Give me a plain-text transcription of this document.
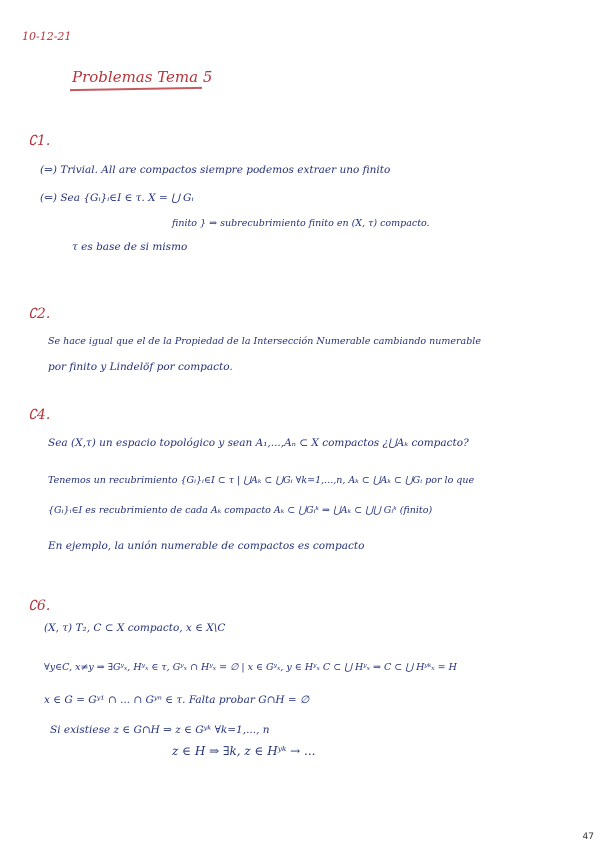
10-12-21
Problemas Tema 5
∁1.
(⇒) Trivial. All are compactos siempre podemos extraer uno finito
(⇐) Sea {Gᵢ}ᵢ∈I ∈ τ. X = ⋃ Gᵢ
finito } ⇒ subrecubrimiento finito en (X, τ) compacto.
τ es base de si mismo
∁2.
Se hace igual que el de la Propiedad de la Intersección Numerable cambiando numerable
por finito y Lindelöf por compacto.
∁4.
Sea (X,τ) un espacio topológico y sean A₁,...,Aₙ ⊂ X compactos ¿⋃Aₖ compacto?
Tenemos un recubrimiento {Gᵢ}ᵢ∈I ⊂ τ | ⋃Aₖ ⊂ ⋃Gᵢ ∀k=1,...,n, Aₖ ⊂ ⋃Aₖ ⊂ ⋃Gᵢ por lo que
{Gᵢ}ᵢ∈I es recubrimiento de cada Aₖ compacto Aₖ ⊂ ⋃Gᵢᵏ ⇒ ⋃Aₖ ⊂ ⋃⋃ Gᵢᵏ (finito)
En ejemplo, la unión numerable de compactos es compacto
∁6.
(X, τ) T₂, C ⊂ X compacto, x ∈ X\C
∀y∈C, x≠y ⇒ ∃Gʸₓ, Hʸₓ ∈ τ, Gʸₓ ∩ Hʸₓ = ∅ | x ∈ Gʸₓ, y ∈ Hʸₓ C ⊂ ⋃ Hʸₓ ⇒ C ⊂ ⋃ Hʸᵏₓ = H
x ∈ G = Gʸ¹ ∩ ... ∩ Gʸⁿ ∈ τ. Falta probar G∩H = ∅
Si existiese z ∈ G∩H ⇒ z ∈ Gʸᵏ ∀k=1,..., n
z ∈ H ⇒ ∃k, z ∈ Hʸᵏ → ...
47
